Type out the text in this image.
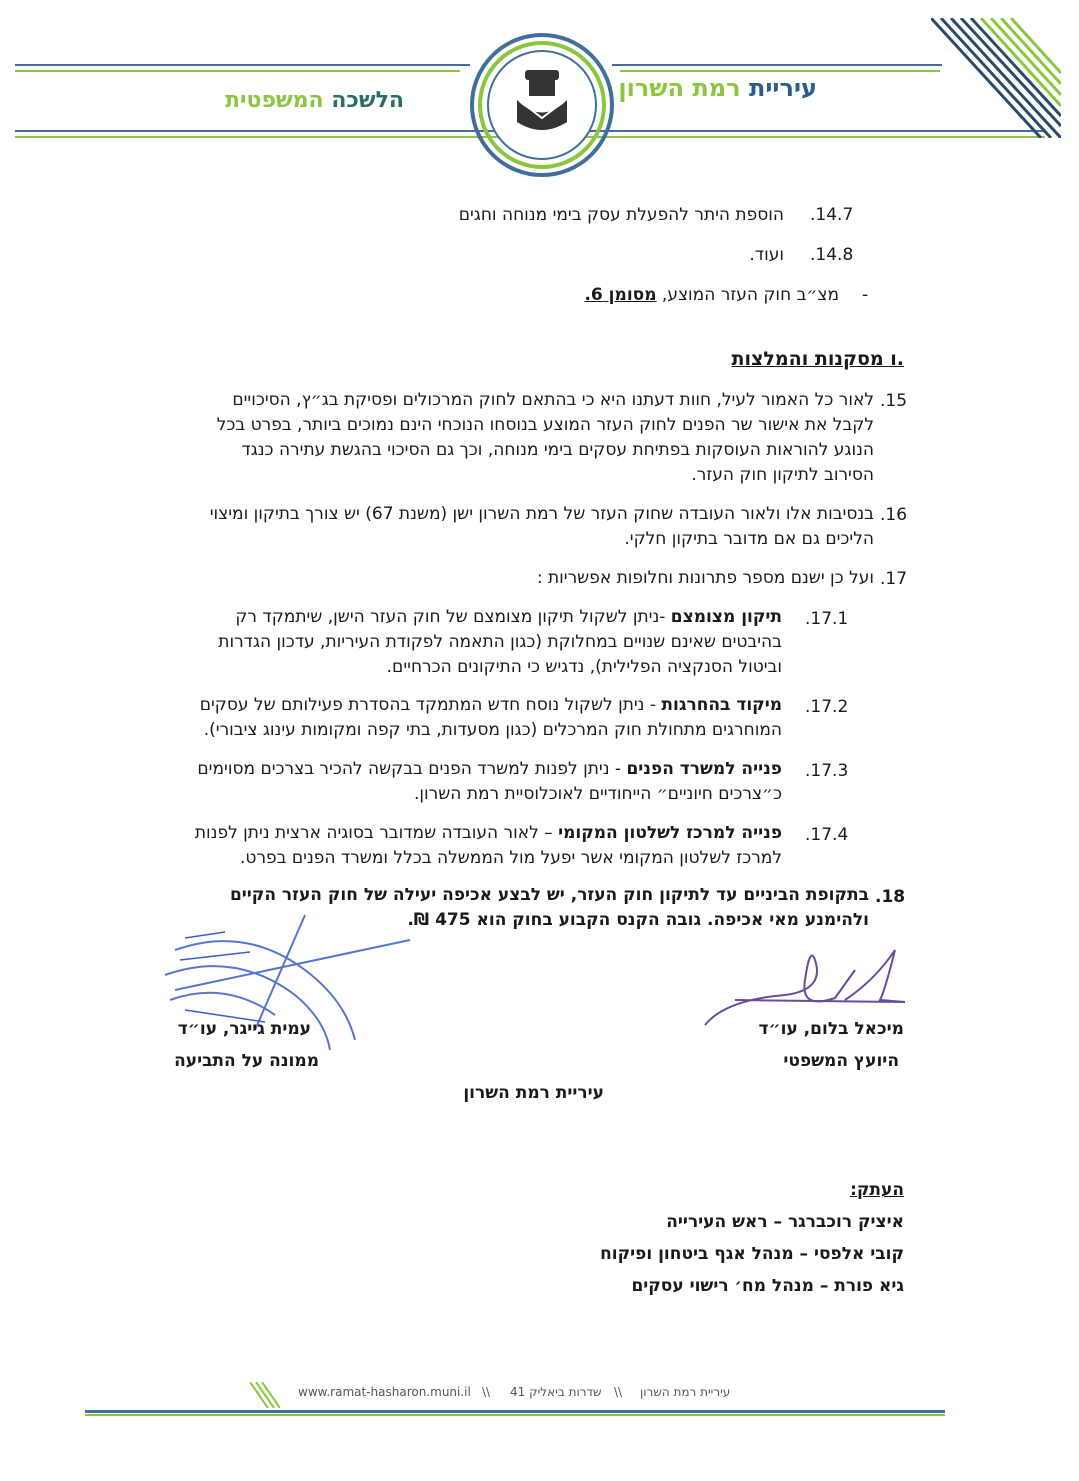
עיריית רמת השרון
הלשכה המשפטית
.14.7
הוספת היתר להפעלת עסק בימי מנוחה וחגים
.14.8
ועוד.
-
מצ״ב חוק העזר המוצע, מסומן 6.
.ו מסקנות והמלצות
.15
לאור כל האמור לעיל, חוות דעתנו היא כי בהתאם לחוק המרכולים ופסיקת בג״ץ, הסיכויים
לקבל את אישור שר הפנים לחוק העזר המוצע בנוסחו הנוכחי הינם נמוכים ביותר, בפרט בכל
הנוגע להוראות העוסקות בפתיחת עסקים בימי מנוחה, וכך גם הסיכוי בהגשת עתירה כנגד
הסירוב לתיקון חוק העזר.
.16
בנסיבות אלו ולאור העובדה שחוק העזר של רמת השרון ישן (משנת 67) יש צורך בתיקון ומיצוי
הליכים גם אם מדובר בתיקון חלקי.
.17
ועל כן ישנם מספר פתרונות וחלופות אפשריות :
.17.1
תיקון מצומצם -ניתן לשקול תיקון מצומצם של חוק העזר הישן, שיתמקד רק
בהיבטים שאינם שנויים במחלוקת (כגון התאמה לפקודת העיריות, עדכון הגדרות
וביטול הסנקציה הפלילית), נדגיש כי התיקונים הכרחיים.
.17.2
מיקוד בהחרגות - ניתן לשקול נוסח חדש המתמקד בהסדרת פעילותם של עסקים
המוחרגים מתחולת חוק המרכלים (כגון מסעדות, בתי קפה ומקומות עינוג ציבורי).
.17.3
פנייה למשרד הפנים - ניתן לפנות למשרד הפנים בבקשה להכיר בצרכים מסוימים
כ״צרכים חיוניים״ הייחודיים לאוכלוסיית רמת השרון.
.17.4
פנייה למרכז לשלטון המקומי – לאור העובדה שמדובר בסוגיה ארצית ניתן לפנות
למרכז לשלטון המקומי אשר יפעל מול הממשלה בכלל ומשרד הפנים בפרט.
.18
בתקופת הביניים עד לתיקון חוק העזר, יש לבצע אכיפה יעילה של חוק העזר הקיים
ולהימנע מאי אכיפה. גובה הקנס הקבוע בחוק הוא 475 ₪.
מיכאל בלום, עו״ד
היועץ המשפטי
עמית גייגר, עו״ד
ממונה על התביעה
עיריית רמת השרון
העתק:
איציק רוכברגר – ראש העירייה
קובי אלפסי – מנהל אגף ביטחון ופיקוח
גיא פורת – מנהל מח׳ רישוי עסקים
www.ramat-hasharon.muni.il \\ שדרות ביאליק 41 \\ עיריית רמת השרון
